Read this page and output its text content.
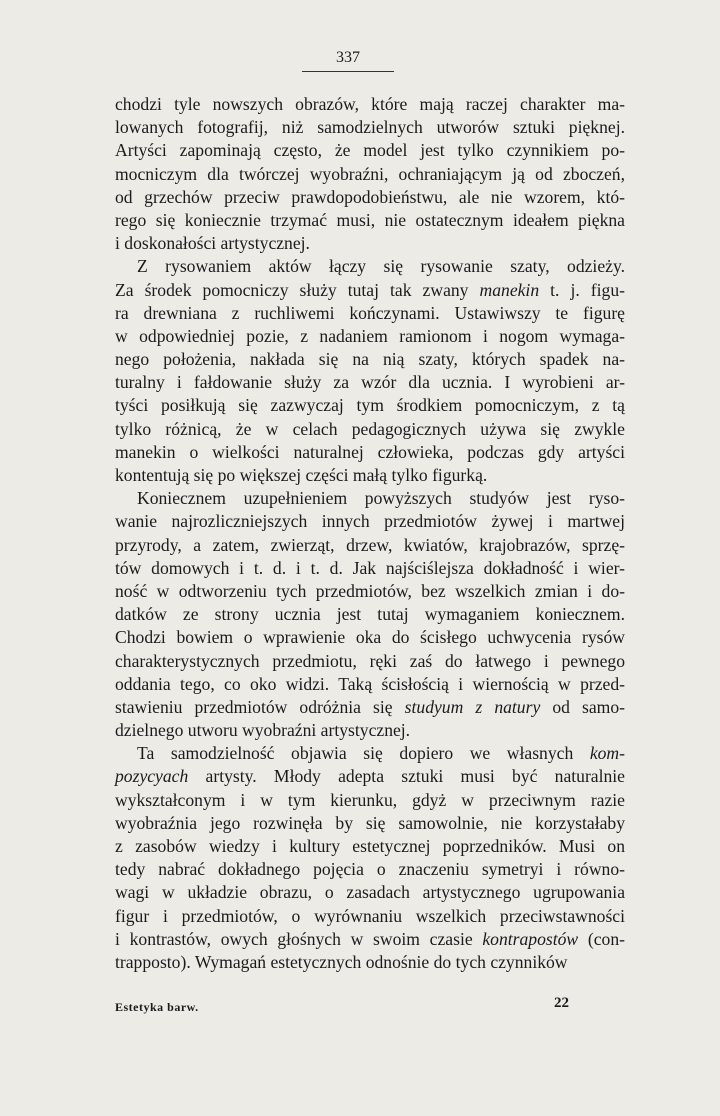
337

chodzi tyle nowszych obrazów, które mają raczej charakter ma-
lowanych fotografij, niż samodzielnych utworów sztuki pięknej.
Artyści zapominają często, że model jest tylko czynnikiem po-
mocniczym dla twórczej wyobraźni, ochraniającym ją od zboczeń,
od grzechów przeciw prawdopodobieństwu, ale nie wzorem, któ-
rego się koniecznie trzymać musi, nie ostatecznym ideałem piękna
i doskonałości artystycznej.

Z rysowaniem aktów łączy się rysowanie szaty, odzieży.
Za środek pomocniczy służy tutaj tak zwany manekin t. j. figu-
ra drewniana z ruchliwemi kończynami. Ustawiwszy te figurę
w odpowiedniej pozie, z nadaniem ramionom i nogom wymaga-
nego położenia, nakłada się na nią szaty, których spadek na-
turalny i fałdowanie służy za wzór dla ucznia. I wyrobieni ar-
tyści posiłkują się zazwyczaj tym środkiem pomocniczym, z tą
tylko różnicą, że w celach pedagogicznych używa się zwykle
manekin o wielkości naturalnej człowieka, podczas gdy artyści
kontentują się po większej części małą tylko figurką.

Koniecznem uzupełnieniem powyższych studyów jest ryso-
wanie najrozliczniejszych innych przedmiotów żywej i martwej
przyrody, a zatem, zwierząt, drzew, kwiatów, krajobrazów, sprzę-
tów domowych i t. d. i t. d. Jak najściślejsza dokładność i wier-
ność w odtworzeniu tych przedmiotów, bez wszelkich zmian i do-
datków ze strony ucznia jest tutaj wymaganiem koniecznem.
Chodzi bowiem o wprawienie oka do ścisłego uchwycenia rysów
charakterystycznych przedmiotu, ręki zaś do łatwego i pewnego
oddania tego, co oko widzi. Taką ścisłością i wiernością w przed-
stawieniu przedmiotów odróżnia się studyum z natury od samo-
dzielnego utworu wyobraźni artystycznej.

Ta samodzielność objawia się dopiero we własnych kom-
pozycyach artysty. Młody adepta sztuki musi być naturalnie
wykształconym i w tym kierunku, gdyż w przeciwnym razie
wyobraźnia jego rozwinęła by się samowolnie, nie korzystałaby
z zasobów wiedzy i kultury estetycznej poprzedników. Musi on
tedy nabrać dokładnego pojęcia o znaczeniu symetryi i równo-
wagi w układzie obrazu, o zasadach artystycznego ugrupowania
figur i przedmiotów, o wyrównaniu wszelkich przeciwstawności
i kontrastów, owych głośnych w swoim czasie kontrapostów (con-
trapposto). Wymagań estetycznych odnośnie do tych czynników

Estetyka barw.	22
